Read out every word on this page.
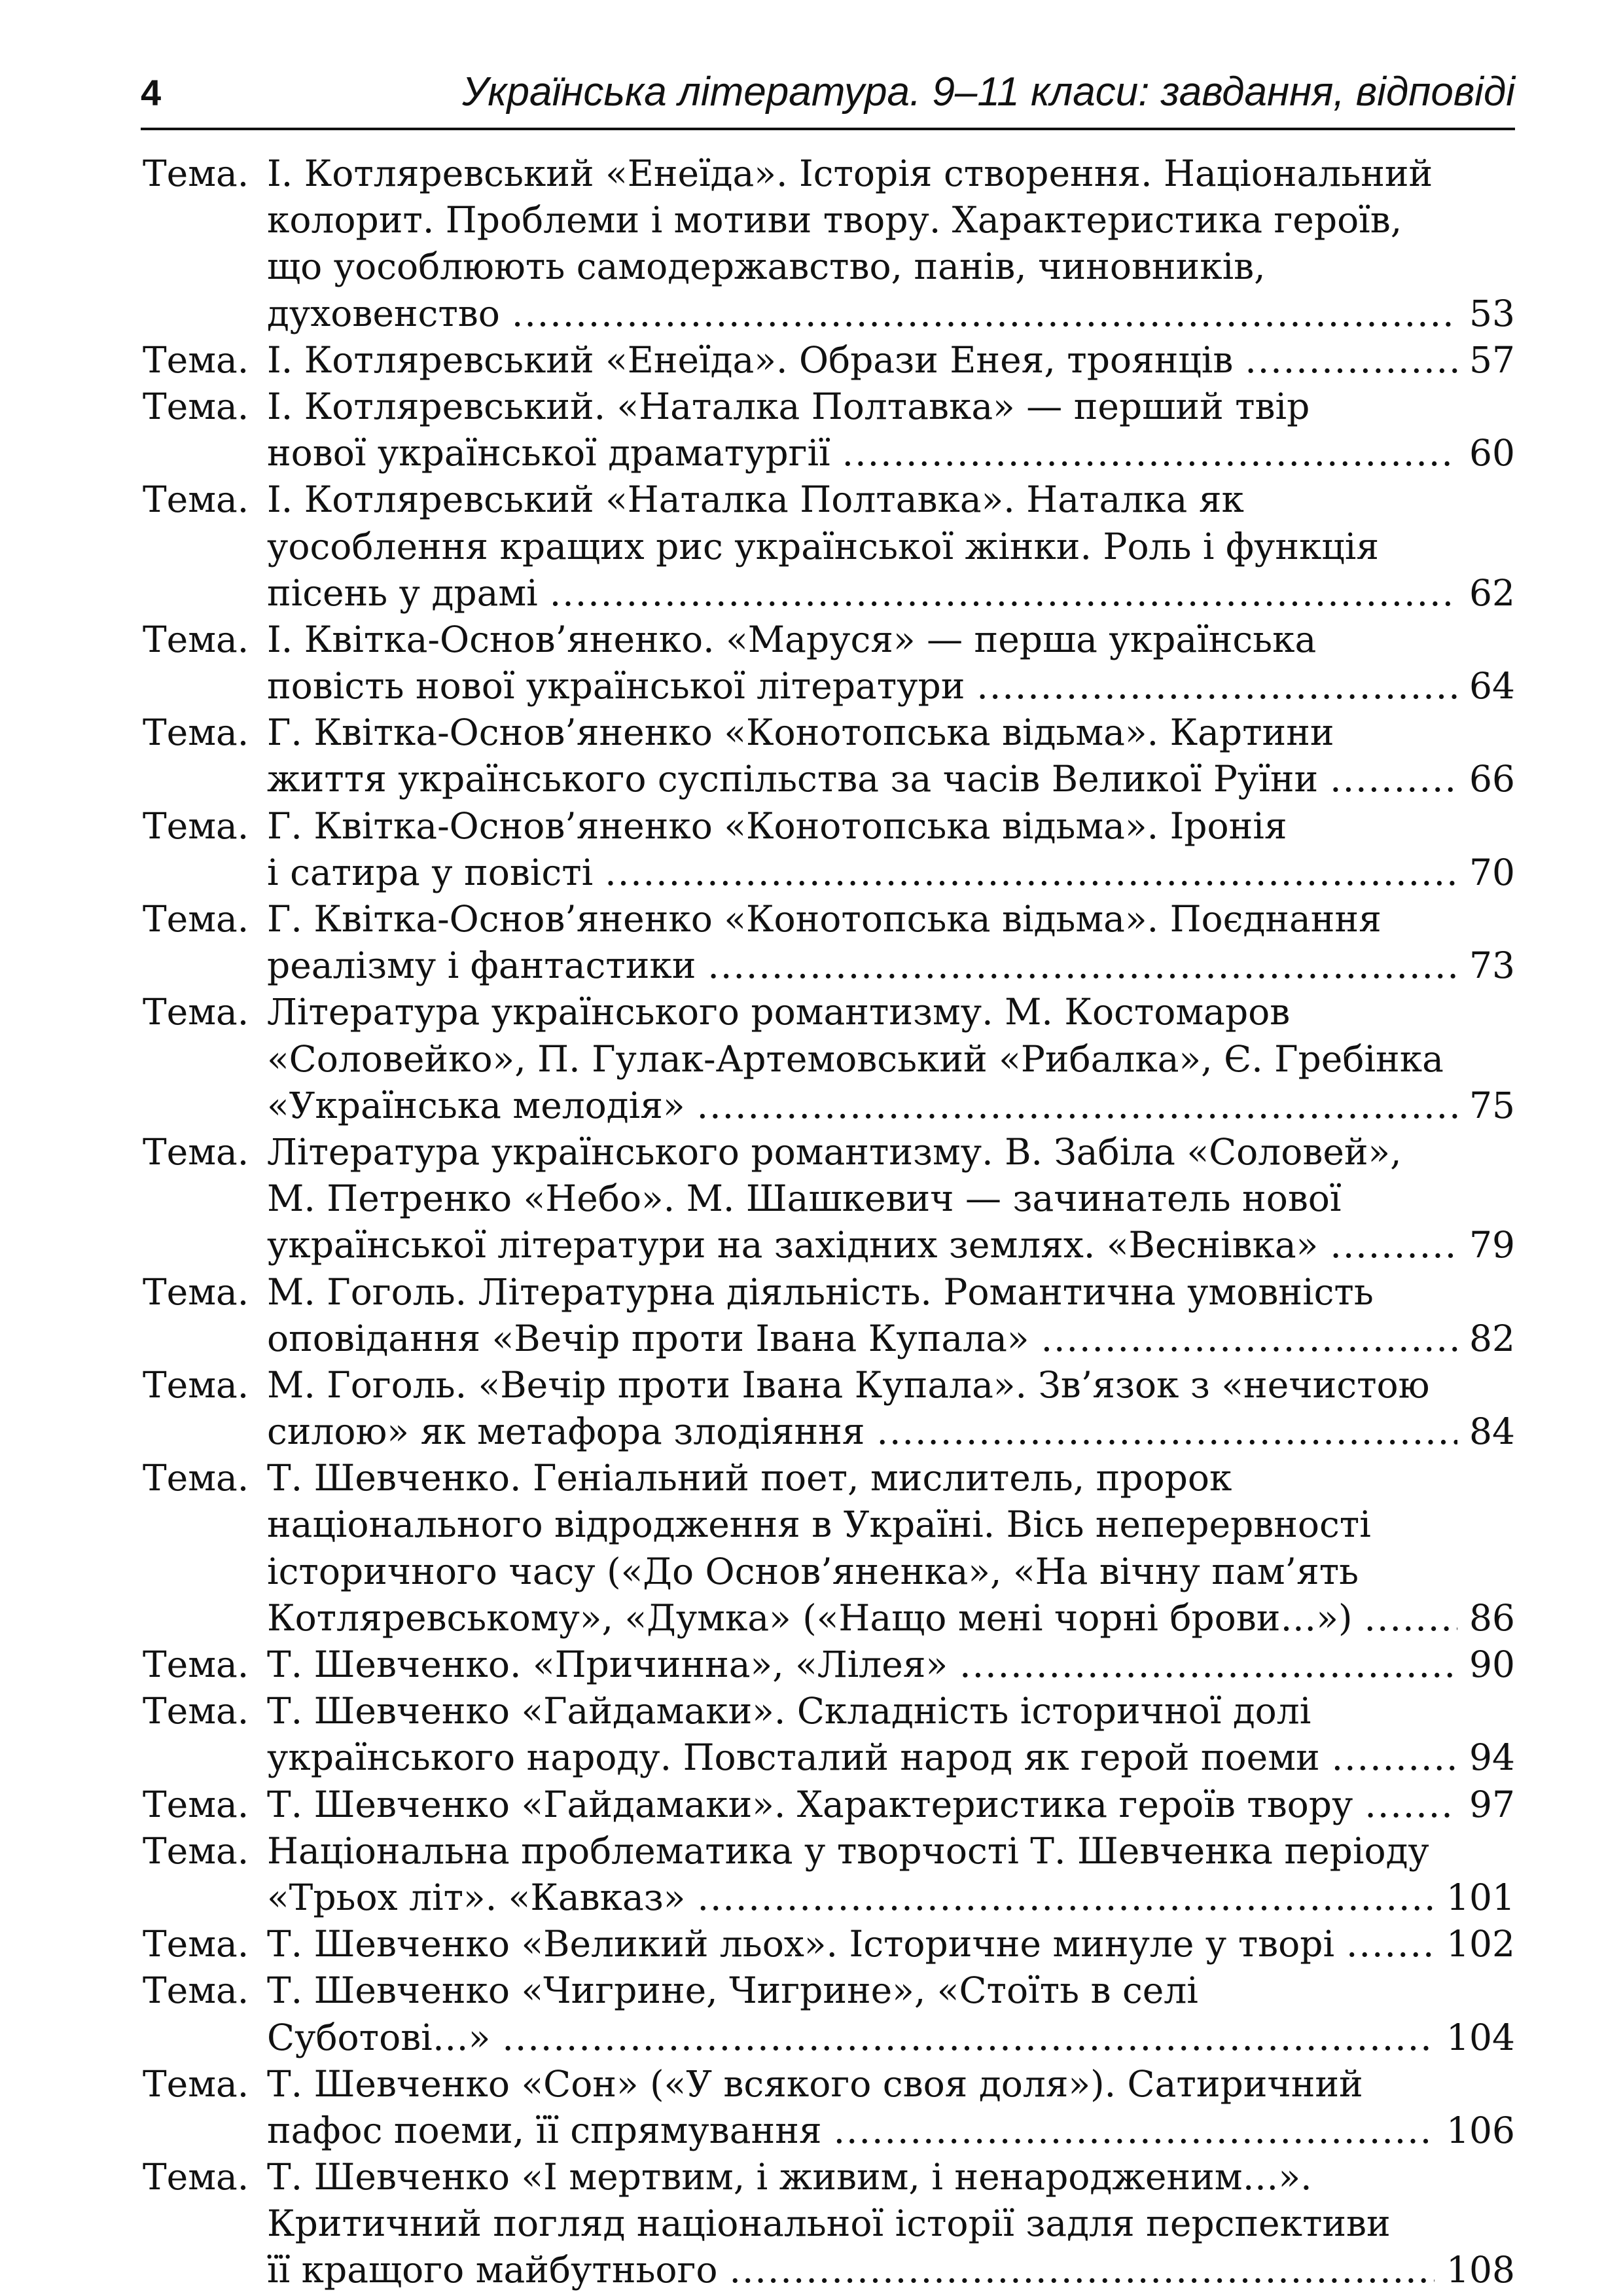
4	Українська література. 9–11 класи: завдання, відповіді
Тема. І. Котляревський «Енеїда». Історія створення. Національний
колорит. Проблеми і мотиви твору. Характеристика героїв,
що уособлюють самодержавство, панів, чиновників,
духовенство .....	53
Тема. І. Котляревський «Енеїда». Образи Енея, троянців .....	57
Тема. І. Котляревський. «Наталка Полтавка» — перший твір
нової української драматургії .....	60
Тема. І. Котляревський «Наталка Полтавка». Наталка як
уособлення кращих рис української жінки. Роль і функція
пісень у драмі .....	62
Тема. І. Квітка-Основ’яненко. «Маруся» — перша українська
повість нової української літератури .....	64
Тема. Г. Квітка-Основ’яненко «Конотопська відьма». Картини
життя українського суспільства за часів Великої Руїни .....	66
Тема. Г. Квітка-Основ’яненко «Конотопська відьма». Іронія
і сатира у повісті .....	70
Тема. Г. Квітка-Основ’яненко «Конотопська відьма». Поєднання
реалізму і фантастики .....	73
Тема. Література українського романтизму. М. Костомаров
«Соловейко», П. Гулак-Артемовський «Рибалка», Є. Гребінка
«Українська мелодія» .....	75
Тема. Література українського романтизму. В. Забіла «Соловей»,
М. Петренко «Небо». М. Шашкевич — зачинатель нової
української літератури на західних землях. «Веснівка» .....	79
Тема. М. Гоголь. Літературна діяльність. Романтична умовність
оповідання «Вечір проти Івана Купала» .....	82
Тема. М. Гоголь. «Вечір проти Івана Купала». Зв’язок з «нечистою
силою» як метафора злодіяння .....	84
Тема. Т. Шевченко. Геніальний поет, мислитель, пророк
національного відродження в Україні. Вісь неперервності
історичного часу («До Основ’яненка», «На вічну пам’ять
Котляревському», «Думка» («Нащо мені чорні брови…») .....	86
Тема. Т. Шевченко. «Причинна», «Лілея» .....	90
Тема. Т. Шевченко «Гайдамаки». Складність історичної долі
українського народу. Повсталий народ як герой поеми .....	94
Тема. Т. Шевченко «Гайдамаки». Характеристика героїв твору .....	97
Тема. Національна проблематика у творчості Т. Шевченка періоду
«Трьох літ». «Кавказ» .....	101
Тема. Т. Шевченко «Великий льох». Історичне минуле у творі .....	102
Тема. Т. Шевченко «Чигрине, Чигрине», «Стоїть в селі
Суботові…» .....	104
Тема. Т. Шевченко «Сон» («У всякого своя доля»). Сатиричний
пафос поеми, її спрямування .....	106
Тема. Т. Шевченко «І мертвим, і живим, і ненародженим…».
Критичний погляд національної історії задля перспективи
її кращого майбутнього .....	108
